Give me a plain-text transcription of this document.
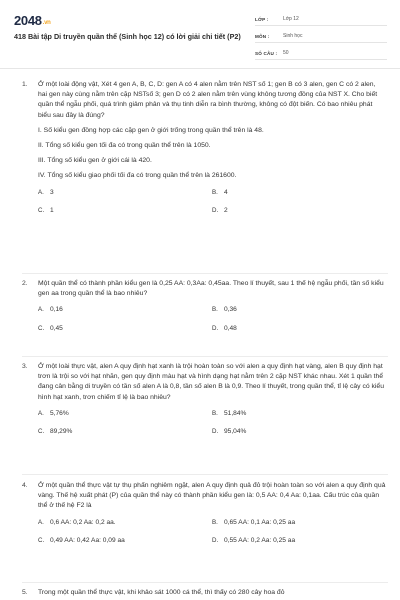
2048.vn
418 Bài tập Di truyền quần thể (Sinh học 12) có lời giải chi tiết (P2)
LỚP :	Lớp 12
MÔN :	Sinh học
SỐ CÂU :	50
1.	Ở một loài động vật, Xét 4 gen A, B, C, D: gen A có 4 alen nằm trên NST số 1; gen B có 3 alen, gen C có 2 alen, hai gen này cùng nằm trên cặp NSTsố 3; gen D có 2 alen nằm trên vùng không tương đồng của NST X. Cho biết quần thể ngẫu phối, quá trình giảm phân và thụ tinh diễn ra bình thường, không có đột biến. Có bao nhiêu phát biểu sau đây là đúng?
I. Số kiểu gen đồng hợp các cặp gen ở giới trống trong quần thể trên là 48.
II. Tổng số kiểu gen tối đa có trong quần thể trên là 1050.
III. Tổng số kiểu gen ở giới cái là 420.
IV. Tổng số kiểu giao phối tối đa có trong quần thể trên là 261600.
A. 3	B. 4
C. 1	D. 2
2.	Một quần thể có thành phần kiểu gen là 0,25 AA: 0,3Aa: 0,45aa. Theo lí thuyết, sau 1 thế hệ ngẫu phối, tần số kiểu gen aa trong quần thể là bao nhiêu?
A. 0,16	B. 0,36
C. 0,45	D. 0,48
3.	Ở một loài thực vật, alen A quy định hạt xanh là trội hoàn toàn so với alen a quy định hạt vàng, alen B quy định hạt trơn là trội so với hạt nhăn, gen quy định màu hạt và hình dạng hạt nằm trên 2 cặp NST khác nhau. Xét 1 quần thể đang cân bằng di truyền có tần số alen A là 0,8, tần số alen B là 0,9. Theo lí thuyết, trong quần thể, tỉ lệ cây có kiểu hình hạt xanh, trơn chiếm tỉ lệ là bao nhiêu?
A. 5,76%	B. 51,84%
C. 89,29%	D. 95,04%
4.	Ở một quần thể thực vật tự thụ phấn nghiêm ngặt, alen A quy định quả đỏ trội hoàn toàn so với alen a quy định quả vàng. Thế hệ xuất phát (P) của quần thể này có thành phần kiểu gen là: 0,5 AA: 0,4 Aa: 0,1aa. Cấu trúc của quần thể ở thế hệ F2 là
A. 0,6 AA: 0,2 Aa: 0,2 aa.	B. 0,65 AA: 0,1 Aa: 0,25 aa
C. 0,49 AA: 0,42 Aa: 0,09 aa	D. 0,55 AA: 0,2 Aa: 0,25 aa
5.	Trong một quần thể thực vật, khi khảo sát 1000 cá thể, thì thấy có 280 cây hoa đỏ
